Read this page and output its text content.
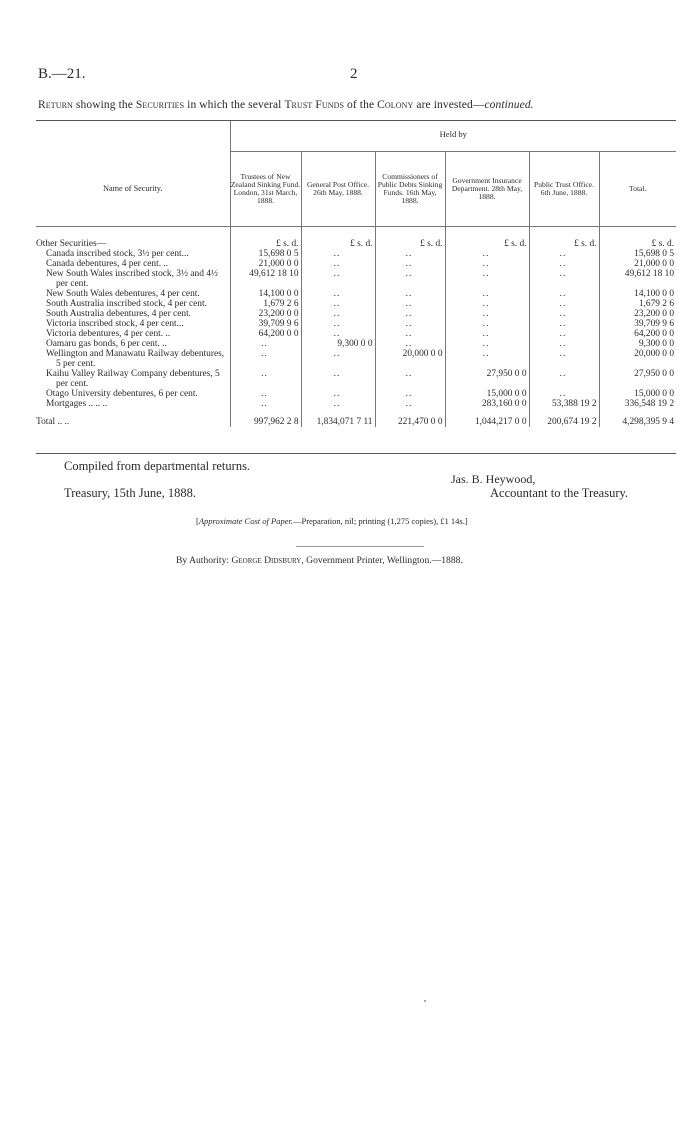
B.—21.	2
Return showing the Securities in which the several Trust Funds of the Colony are invested—continued.
	Held by					
Name of Security.	Trustees of New Zealand Sinking Fund. London, 31st March, 1888.	General Post Office. 26th May, 1888.	Commissioners of Public Debts Sinking Funds. 16th May, 1888.	Government Insurance Department. 28th May, 1888.	Public Trust Office. 6th June, 1888.	Total.

Other Securities—	£ s. d.	£ s. d.	£ s. d.	£ s. d.	£ s. d.	£ s. d.
Canada inscribed stock, 3½ per cent...	15,698 0 5	..	..	..	..	15,698 0 5
Canada debentures, 4 per cent. ..	21,000 0 0	..	..	..	..	21,000 0 0
New South Wales inscribed stock, 3½ and 4½ per cent.	49,612 18 10	..	..	..	..	49,612 18 10
New South Wales debentures, 4 per cent.	14,100 0 0	..	..	..	..	14,100 0 0
South Australia inscribed stock, 4 per cent.	1,679 2 6	..	..	..	..	1,679 2 6
South Australia debentures, 4 per cent.	23,200 0 0	..	..	..	..	23,200 0 0
Victoria inscribed stock, 4 per cent...	39,709 9 6	..	..	..	..	39,709 9 6
Victoria debentures, 4 per cent. ..	64,200 0 0	..	..	..	..	64,200 0 0
Oamaru gas bonds, 6 per cent. ..	..	9,300 0 0	..	..	..	9,300 0 0
Wellington and Manawatu Railway debentures, 5 per cent.	..	..	20,000 0 0	..	..	20,000 0 0
Kaihu Valley Railway Company debentures, 5 per cent.	..	..	..	27,950 0 0	..	27,950 0 0
Otago University debentures, 6 per cent.	..	..	..	15,000 0 0	..	15,000 0 0
Mortgages .. .. ..	..	..	..	283,160 0 0	53,388 19 2	336,548 19 2

Total .. ..	997,962 2 8	1,834,071 7 11	221,470 0 0	1,044,217 0 0	200,674 19 2	4,298,395 9 4
Compiled from departmental returns.
Jas. B. Heywood,
Treasury, 15th June, 1888.	Accountant to the Treasury.
[Approximate Cost of Paper.—Preparation, nil; printing (1,275 copies), £1 14s.]
By Authority: George Didsbury, Government Printer, Wellington.—1888.
